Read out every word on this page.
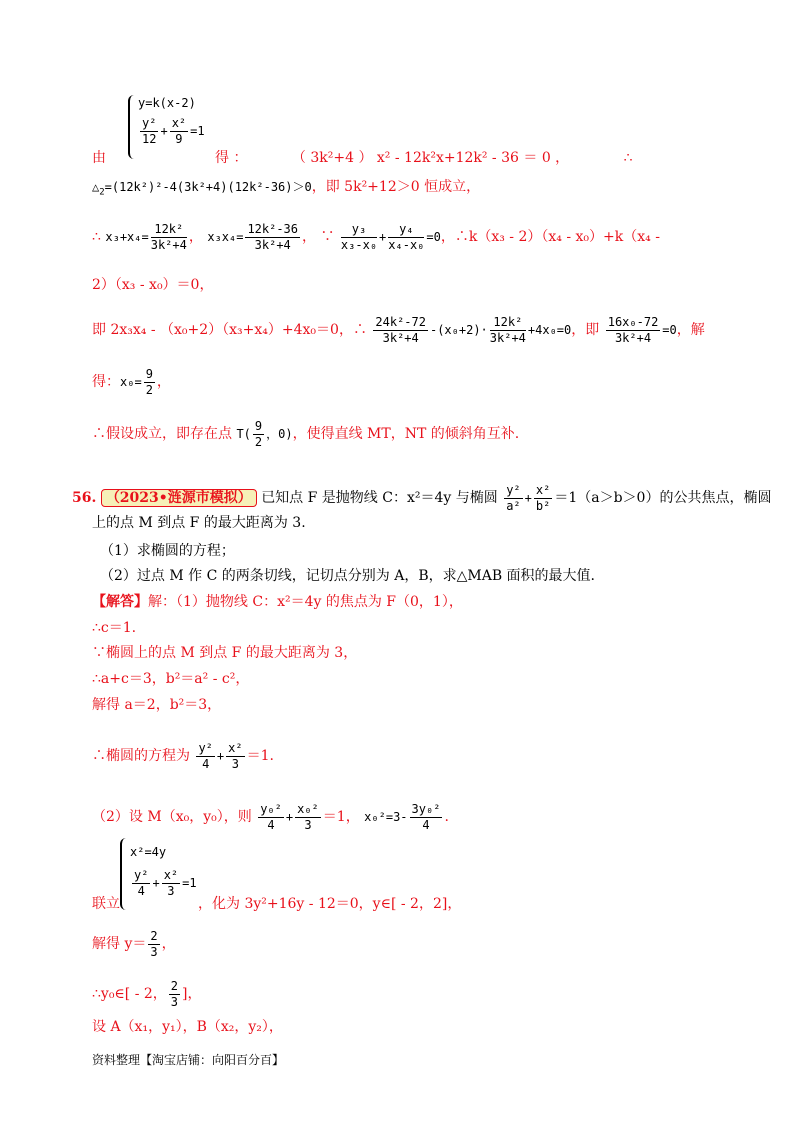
y=k(x-2)
$\frac{\text{y²}}{12} + \frac{\text{x²}}{9} =1$
由	得 ：	（ 3k²+4 ） x² - 12k²x+12k² - 36 ＝ 0 ，	∴
$\triangle_2=(12k^2)^2-4(3k^2+4)(12k^2-36)>0$，即 5k²+12＞0 恒成立，
∴ $x_3+x_4= \frac{\text{12k²}}{\text{3k²+4}}$ ， $x_3x_4= \frac{\text{12k²-36}}{\text{3k²+4}}$ ， ∵ $\frac{\text{y₃}}{\text{x₃-x₀}} + \frac{\text{y₄}}{\text{x₄-x₀}} =0$，∴k（x₃ - 2）（x₄ - x₀）+k（x₄ -
2）（x₃ - x₀）＝0，
即 2x₃x₄ - （x₀+2）（x₃+x₄）+4x₀＝0，∴ $\frac{\text{24k²-72}}{\text{3k²+4}} -(x_0+2)\cdot \frac{\text{12k²}}{\text{3k²+4}} +4x_0=0$，即 $\frac{\text{16x₀-72}}{\text{3k²+4}} =0$，解
得：$x_0= \frac{9}{2}$ ，
∴假设成立，即存在点 $T( \frac{9}{2}$ ，0)，使得直线 MT，NT 的倾斜角互补.
56. （2023•涟源市模拟） 已知点 F 是抛物线 C：x²＝4y 与椭圆 $\frac{\text{y²}}{\text{a²}} + \frac{\text{x²}}{\text{b²}} =1(a>b>0)$的公共焦点，椭圆
上的点 M 到点 F 的最大距离为 3.
（1）求椭圆的方程；
（2）过点 M 作 C 的两条切线，记切点分别为 A，B，求△MAB 面积的最大值.
【解答】解：（1）抛物线 C：x²＝4y 的焦点为 F（0，1），
∴c＝1.
∵椭圆上的点 M 到点 F 的最大距离为 3，
∴a+c＝3，b²＝a² - c²，
解得 a＝2，b²＝3，
∴椭圆的方程为 $\frac{\text{y²}}{4} + \frac{\text{x²}}{3} =1$.
（2）设 M（x₀，y₀），则 $\frac{\text{y₀²}}{4} + \frac{\text{x₀²}}{3} =1$， $x_0^2=3- \frac{\text{3y₀²}}{4}$ .
x²=4y
$\frac{\text{y²}}{4} + \frac{\text{x²}}{3} =1$
联立	，化为 3y²+16y - 12＝0，y∈[ - 2，2]，
解得 $y= \frac{2}{3}$ ，
∴y₀∈[ - 2， $\frac{2}{3}$ ]，
设 A（x₁，y₁），B（x₂，y₂），
资料整理【淘宝店铺：向阳百分百】
